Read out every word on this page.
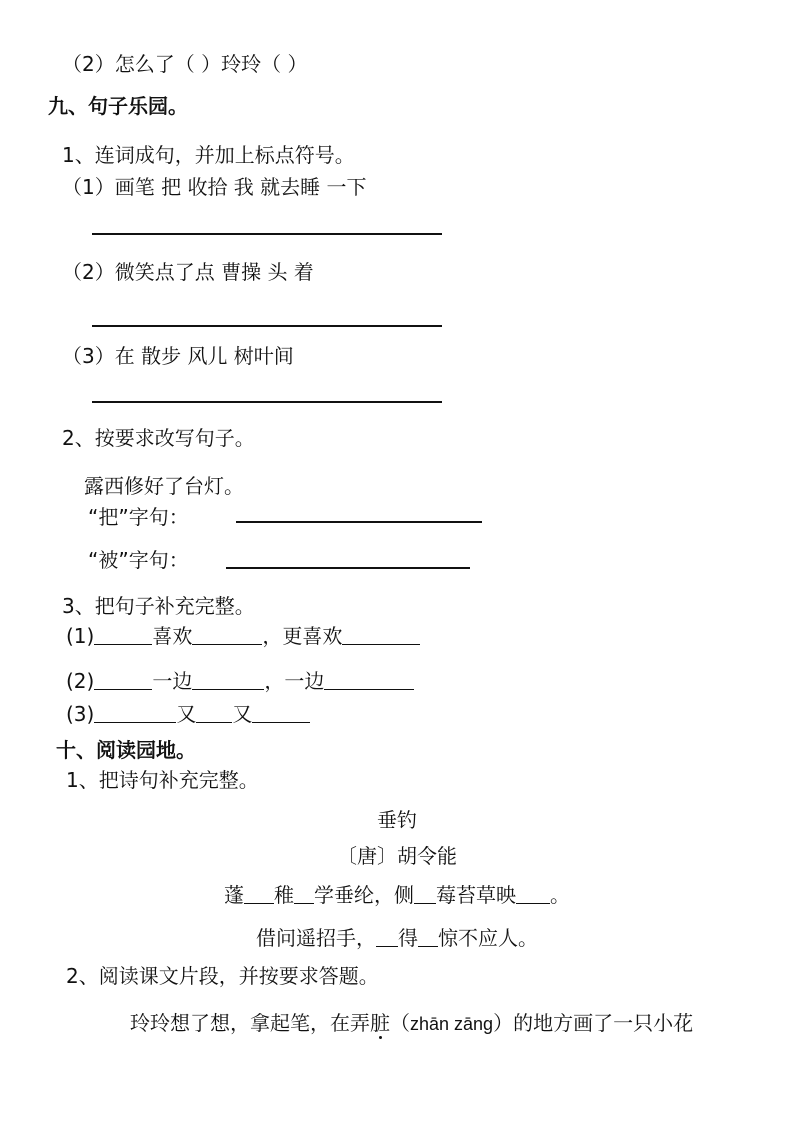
（2）怎么了（ ）玲玲（ ）
九、句子乐园。
1、连词成句，并加上标点符号。
（1）画笔 把 收拾 我 就去睡 一下
（2）微笑点了点 曹操 头 着
（3）在 散步 风儿 树叶间
2、按要求改写句子。
露西修好了台灯。
“把”字句：
“被”字句：
3、把句子补充完整。
(1)	喜欢	，更喜欢
(2)	一边	，一边
(3)	又 又
十、阅读园地。
1、把诗句补充完整。
垂钓
〔唐〕胡令能
蓬 稚 学垂纶，侧 莓苔草映 。
借问遥招手， 得 惊不应人。
2、阅读课文片段，并按要求答题。
玲玲想了想，拿起笔，在弄脏（zhān zāng）的地方画了一只小花
